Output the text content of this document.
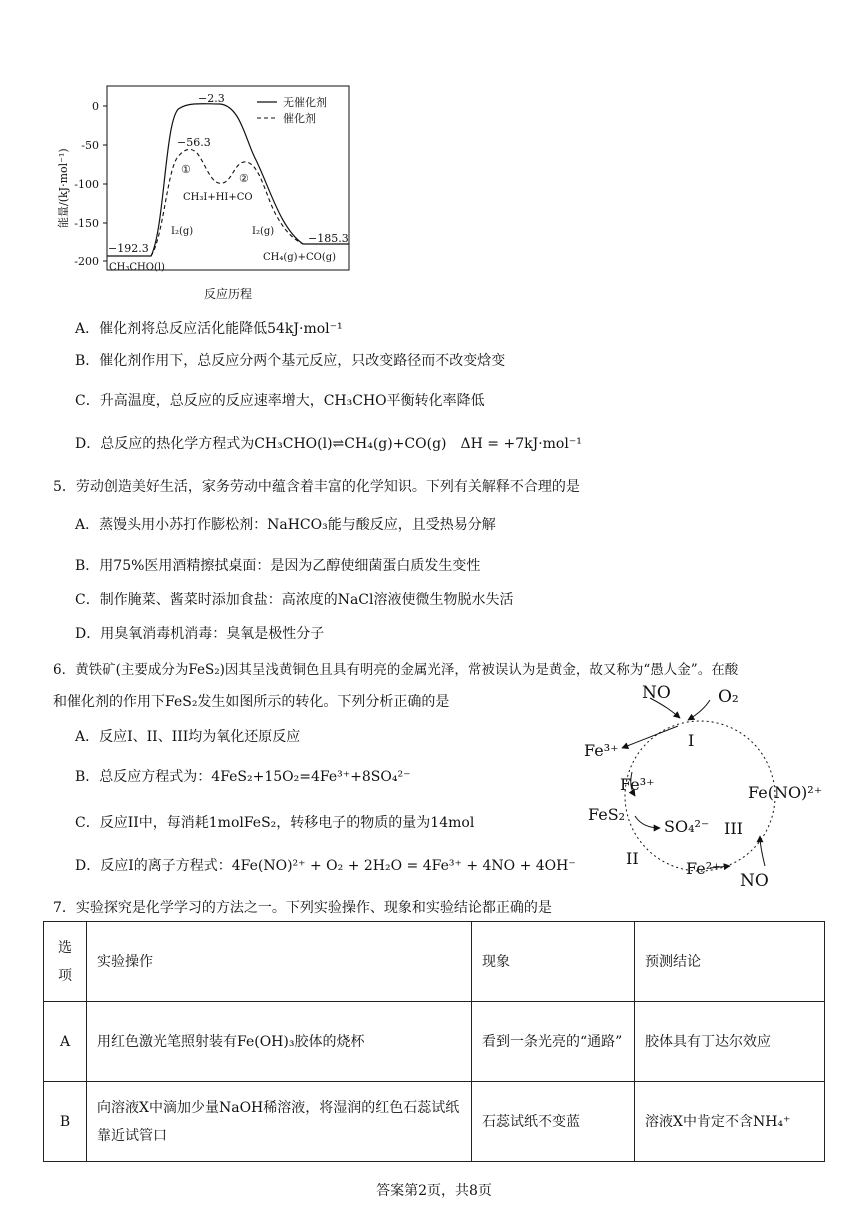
0
-50
-100
-150
-200
能量/(kJ·mol⁻¹)
反应历程
无催化剂
催化剂
−2.3
−56.3
①
②
CH₃I+HI+CO
I₂(g)	I₂(g)
−192.3
CH₃CHO(l)
−185.3
CH₄(g)+CO(g)
A．催化剂将总反应活化能降低54kJ·mol⁻¹
B．催化剂作用下，总反应分两个基元反应，只改变路径而不改变焓变
C．升高温度，总反应的反应速率增大，CH₃CHO平衡转化率降低
D．总反应的热化学方程式为CH₃CHO(l)⇌CH₄(g)+CO(g)　ΔH = +7kJ·mol⁻¹
5．劳动创造美好生活，家务劳动中蕴含着丰富的化学知识。下列有关解释不合理的是
A．蒸馒头用小苏打作膨松剂：NaHCO₃能与酸反应，且受热易分解
B．用75%医用酒精擦拭桌面：是因为乙醇使细菌蛋白质发生变性
C．制作腌菜、酱菜时添加食盐：高浓度的NaCl溶液使微生物脱水失活
D．用臭氧消毒机消毒：臭氧是极性分子
6．黄铁矿(主要成分为FeS₂)因其呈浅黄铜色且具有明亮的金属光泽，常被误认为是黄金，故又称为“愚人金”。在酸
和催化剂的作用下FeS₂发生如图所示的转化。下列分析正确的是
A．反应I、II、III均为氧化还原反应
B．总反应方程式为：4FeS₂+15O₂=4Fe³⁺+8SO₄²⁻
C．反应II中，每消耗1molFeS₂，转移电子的物质的量为14mol
D．反应I的离子方程式：4Fe(NO)²⁺ + O₂ + 2H₂O = 4Fe³⁺ + 4NO + 4OH⁻
NO	O₂
Fe³⁺
I
Fe³⁺	Fe(NO)²⁺
FeS₂
SO₄²⁻ III
II
Fe²⁺
NO
7．实验探究是化学学习的方法之一。下列实验操作、现象和实验结论都正确的是
选项	实验操作	现象	预测结论
A	用红色激光笔照射装有Fe(OH)₃胶体的烧杯	看到一条光亮的“通路”	胶体具有丁达尔效应
B	向溶液X中滴加少量NaOH稀溶液，将湿润的红色石蕊试纸靠近试管口	石蕊试纸不变蓝	溶液X中肯定不含NH₄⁺
答案第2页，共8页
